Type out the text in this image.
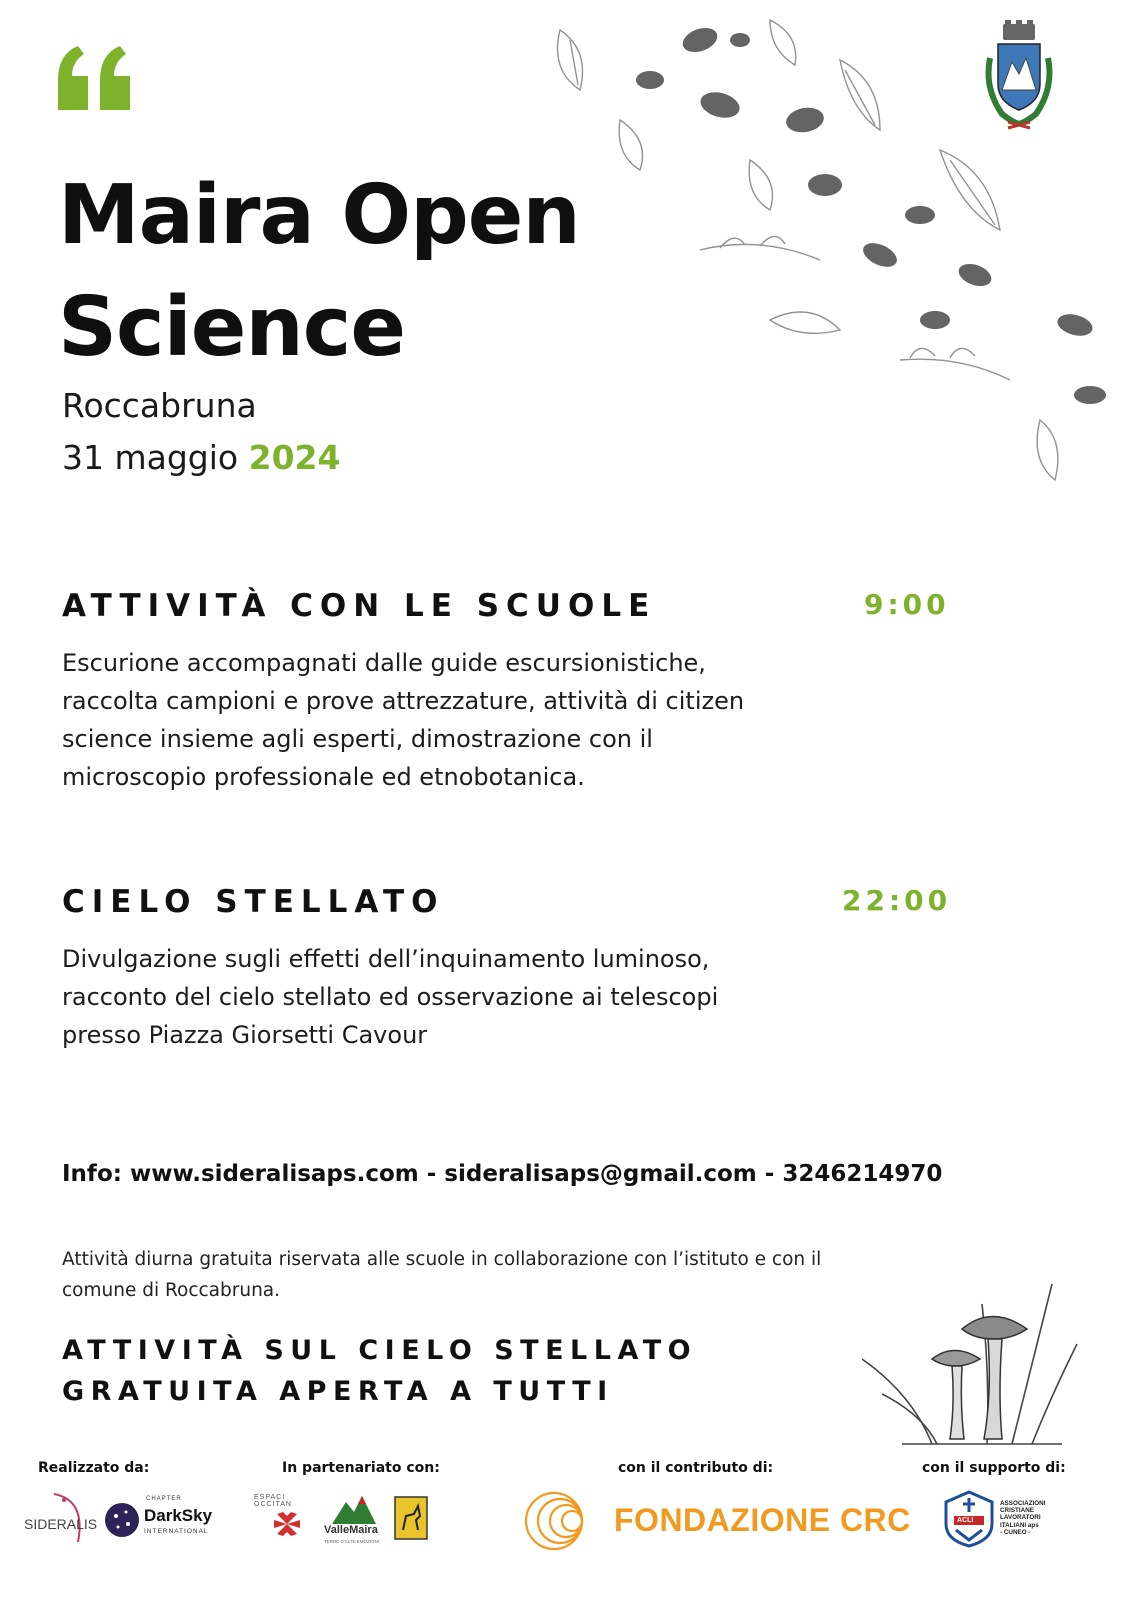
Maira Open
Science
Roccabruna
31 maggio 2024
ATTIVITÀ CON LE SCUOLE	9:00
Escurione accompagnati dalle guide escursionistiche, raccolta campioni e prove attrezzature, attività di citizen science insieme agli esperti, dimostrazione con il microscopio professionale ed etnobotanica.
CIELO STELLATO	22:00
Divulgazione sugli effetti dell’inquinamento luminoso, racconto del cielo stellato ed osservazione ai telescopi presso Piazza Giorsetti Cavour
Info: www.sideralisaps.com - sideralisaps@gmail.com - 3246214970
Attività diurna gratuita riservata alle scuole in collaborazione con l’istituto e con il comune di Roccabruna.
ATTIVITÀ SUL CIELO STELLATO
GRATUITA APERTA A TUTTI
Realizzato da:	In partenariato con:	con il contributo di:	con il supporto di:
SIDERALIS
CHAPTER
DarkSky
INTERNATIONAL
ESPACI OCCITAN
ValleMaira
TERRE D'ALTE EMOZIONI
FONDAZIONE CRC	ACLI
ASSOCIAZIONI
CRISTIANE
LAVORATORI
ITALIANI aps
- CUNEO -
